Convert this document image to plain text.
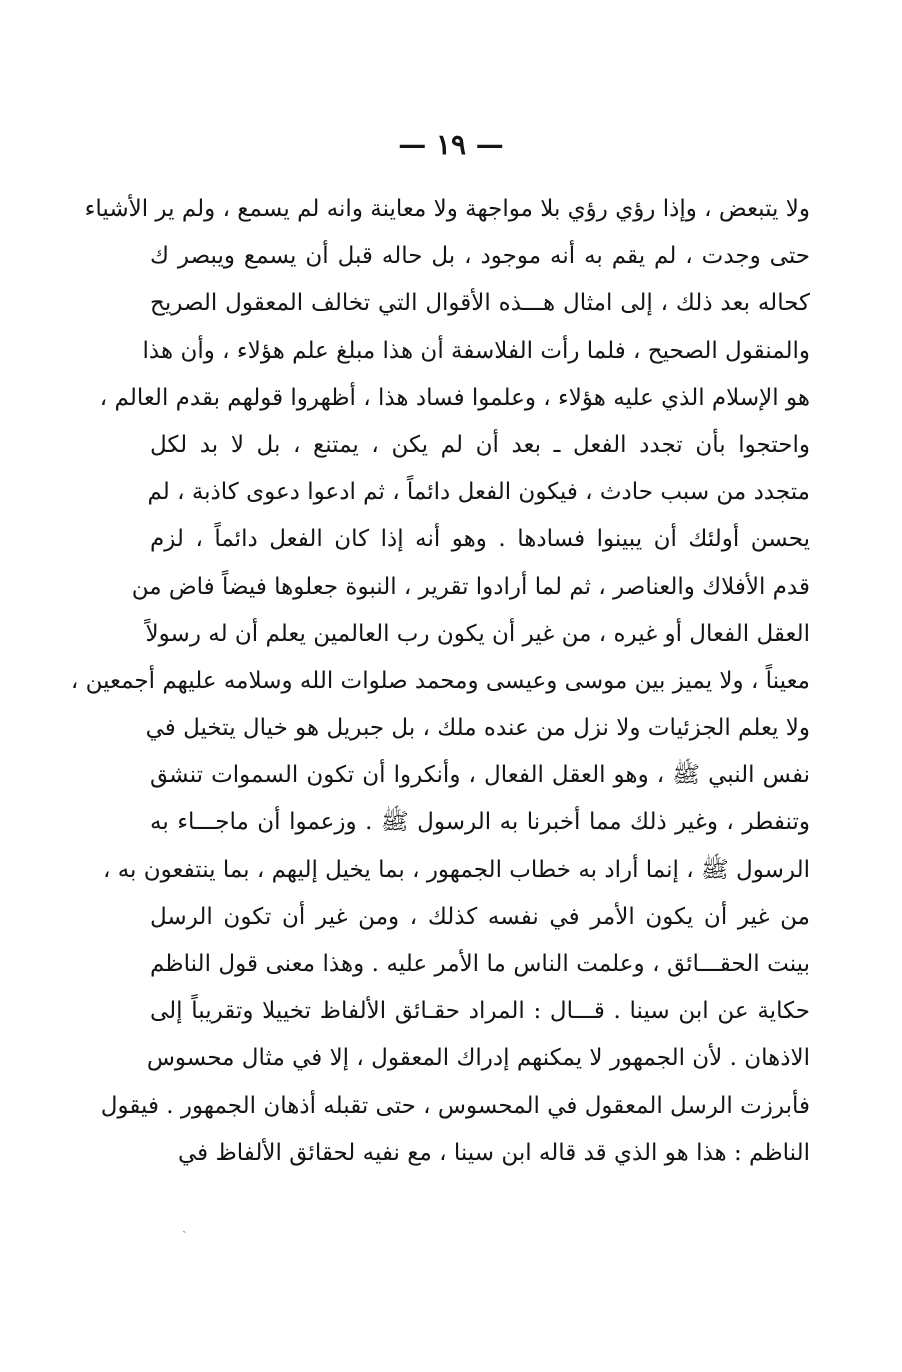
— ١٩ —
ولا يتبعض ، وإذا رؤي رؤي بلا مواجهة ولا معاينة وانه لم يسمع ، ولم ير الأشياء
حتى وجدت ، لم يقم به أنه موجود ، بل حاله قبل أن يسمع ويبصر ك
كحاله بعد ذلك ، إلى امثال هـــذه الأقوال التي تخالف المعقول الصريح
والمنقول الصحيح ، فلما رأت الفلاسفة أن هذا مبلغ علم هؤلاء ، وأن هذا
هو الإسلام الذي عليه هؤلاء ، وعلموا فساد هذا ، أظهروا قولهم بقدم العالم ،
واحتجوا بأن تجدد الفعل ـ بعد أن لم يكن ، يمتنع ، بل لا بد لكل
متجدد من سبب حادث ، فيكون الفعل دائماً ، ثم ادعوا دعوى كاذبة ، لم
يحسن أولئك أن يبينوا فسادها . وهو أنه إذا كان الفعل دائماً ، لزم
قدم الأفلاك والعناصر ، ثم لما أرادوا تقرير ، النبوة جعلوها فيضاً فاض من
العقل الفعال أو غيره ، من غير أن يكون رب العالمين يعلم أن له رسولاً
معيناً ، ولا يميز بين موسى وعيسى ومحمد صلوات الله وسلامه عليهم أجمعين ،
ولا يعلم الجزئيات ولا نزل من عنده ملك ، بل جبريل هو خيال يتخيل في
نفس النبي ﷺ ، وهو العقل الفعال ، وأنكروا أن تكون السموات تنشق
وتنفطر ، وغير ذلك مما أخبرنا به الرسول ﷺ . وزعموا أن ماجـــاء به
الرسول ﷺ ، إنما أراد به خطاب الجمهور ، بما يخيل إليهم ، بما ينتفعون به ،
من غير أن يكون الأمر في نفسه كذلك ، ومن غير أن تكون الرسل
بينت الحقـــائق ، وعلمت الناس ما الأمر عليه . وهذا معنى قول الناظم
حكاية عن ابن سينا . قـــال : المراد حقـائق الألفاظ تخييلا وتقريباً إلى
الاذهان . لأن الجمهور لا يمكنهم إدراك المعقول ، إلا في مثال محسوس
فأبرزت الرسل المعقول في المحسوس ، حتى تقبله أذهان الجمهور . فيقول
الناظم : هذا هو الذي قد قاله ابن سينا ، مع نفيه لحقائق الألفاظ في
ˏ
